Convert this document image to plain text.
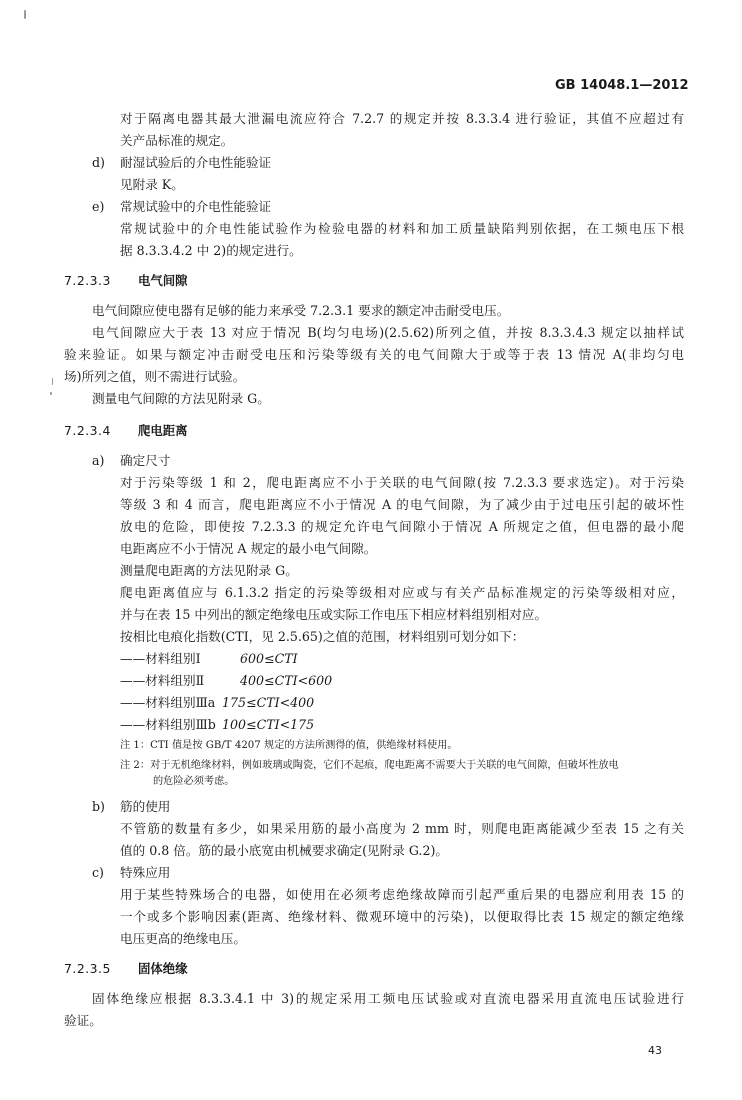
GB 14048.1—2012
对于隔离电器其最大泄漏电流应符合 7.2.7 的规定并按 8.3.3.4 进行验证，其值不应超过有
关产品标准的规定。
d) 耐湿试验后的介电性能验证
见附录 K。
e) 常规试验中的介电性能验证
常规试验中的介电性能试验作为检验电器的材料和加工质量缺陷判别依据，在工频电压下根
据 8.3.3.4.2 中 2)的规定进行。
7.2.3.3 电气间隙
电气间隙应使电器有足够的能力来承受 7.2.3.1 要求的额定冲击耐受电压。
电气间隙应大于表 13 对应于情况 B(均匀电场)(2.5.62)所列之值，并按 8.3.3.4.3 规定以抽样试
验来验证。如果与额定冲击耐受电压和污染等级有关的电气间隙大于或等于表 13 情况 A(非均匀电
场)所列之值，则不需进行试验。
测量电气间隙的方法见附录 G。
7.2.3.4 爬电距离
a) 确定尺寸
对于污染等级 1 和 2，爬电距离应不小于关联的电气间隙(按 7.2.3.3 要求选定)。对于污染
等级 3 和 4 而言，爬电距离应不小于情况 A 的电气间隙，为了减少由于过电压引起的破坏性
放电的危险，即使按 7.2.3.3 的规定允许电气间隙小于情况 A 所规定之值，但电器的最小爬
电距离应不小于情况 A 规定的最小电气间隙。
测量爬电距离的方法见附录 G。
爬电距离值应与 6.1.3.2 指定的污染等级相对应或与有关产品标准规定的污染等级相对应，
并与在表 15 中列出的额定绝缘电压或实际工作电压下相应材料组别相对应。
按相比电痕化指数(CTI，见 2.5.65)之值的范围，材料组别可划分如下：
——材料组别Ⅰ	600≤CTI
——材料组别Ⅱ	400≤CTI<600
——材料组别Ⅲa 175≤CTI<400
——材料组别Ⅲb 100≤CTI<175
注 1：CTI 值是按 GB/T 4207 规定的方法所测得的值，供绝缘材料使用。
注 2：对于无机绝缘材料，例如玻璃或陶瓷，它们不起痕，爬电距离不需要大于关联的电气间隙，但破坏性放电
的危险必须考虑。
b) 筋的使用
不管筋的数量有多少，如果采用筋的最小高度为 2 mm 时，则爬电距离能减少至表 15 之有关
值的 0.8 倍。筋的最小底宽由机械要求确定(见附录 G.2)。
c) 特殊应用
用于某些特殊场合的电器，如使用在必须考虑绝缘故障而引起严重后果的电器应利用表 15 的
一个或多个影响因素(距离、绝缘材料、微观环境中的污染)，以便取得比表 15 规定的额定绝缘
电压更高的绝缘电压。
7.2.3.5 固体绝缘
固体绝缘应根据 8.3.3.4.1 中 3)的规定采用工频电压试验或对直流电器采用直流电压试验进行
验证。
43
